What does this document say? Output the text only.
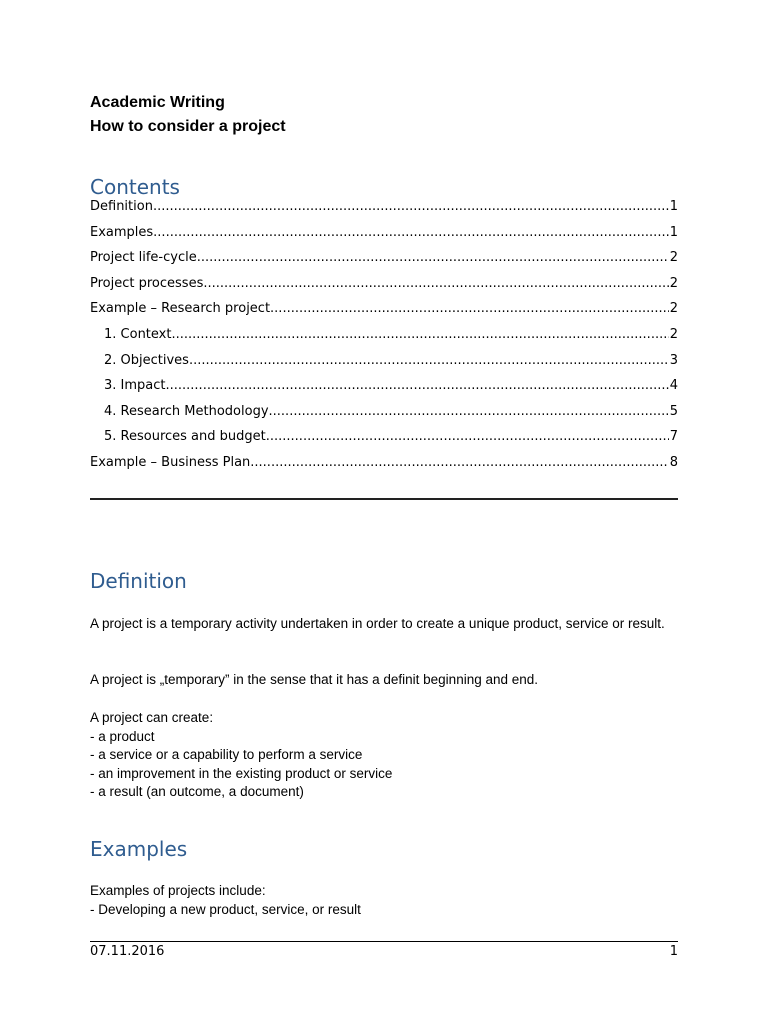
Academic Writing
How to consider a project
Contents
Definition .....	1
Examples .....	1
Project life-cycle .....	2
Project processes .....	2
Example – Research project .....	2
1. Context .....	2
2. Objectives .....	3
3. Impact .....	4
4. Research Methodology .....	5
5. Resources and budget .....	7
Example – Business Plan .....	8
Definition
A project is a temporary activity undertaken in order to create a unique product, service or result.
A project is „temporary” in the sense that it has a definit beginning and end.
A project can create:
- a product
- a service or a capability to perform a service
- an improvement in the existing product or service
- a result (an outcome, a document)
Examples
Examples of projects include:
- Developing a new product, service, or result
07.11.2016	1
